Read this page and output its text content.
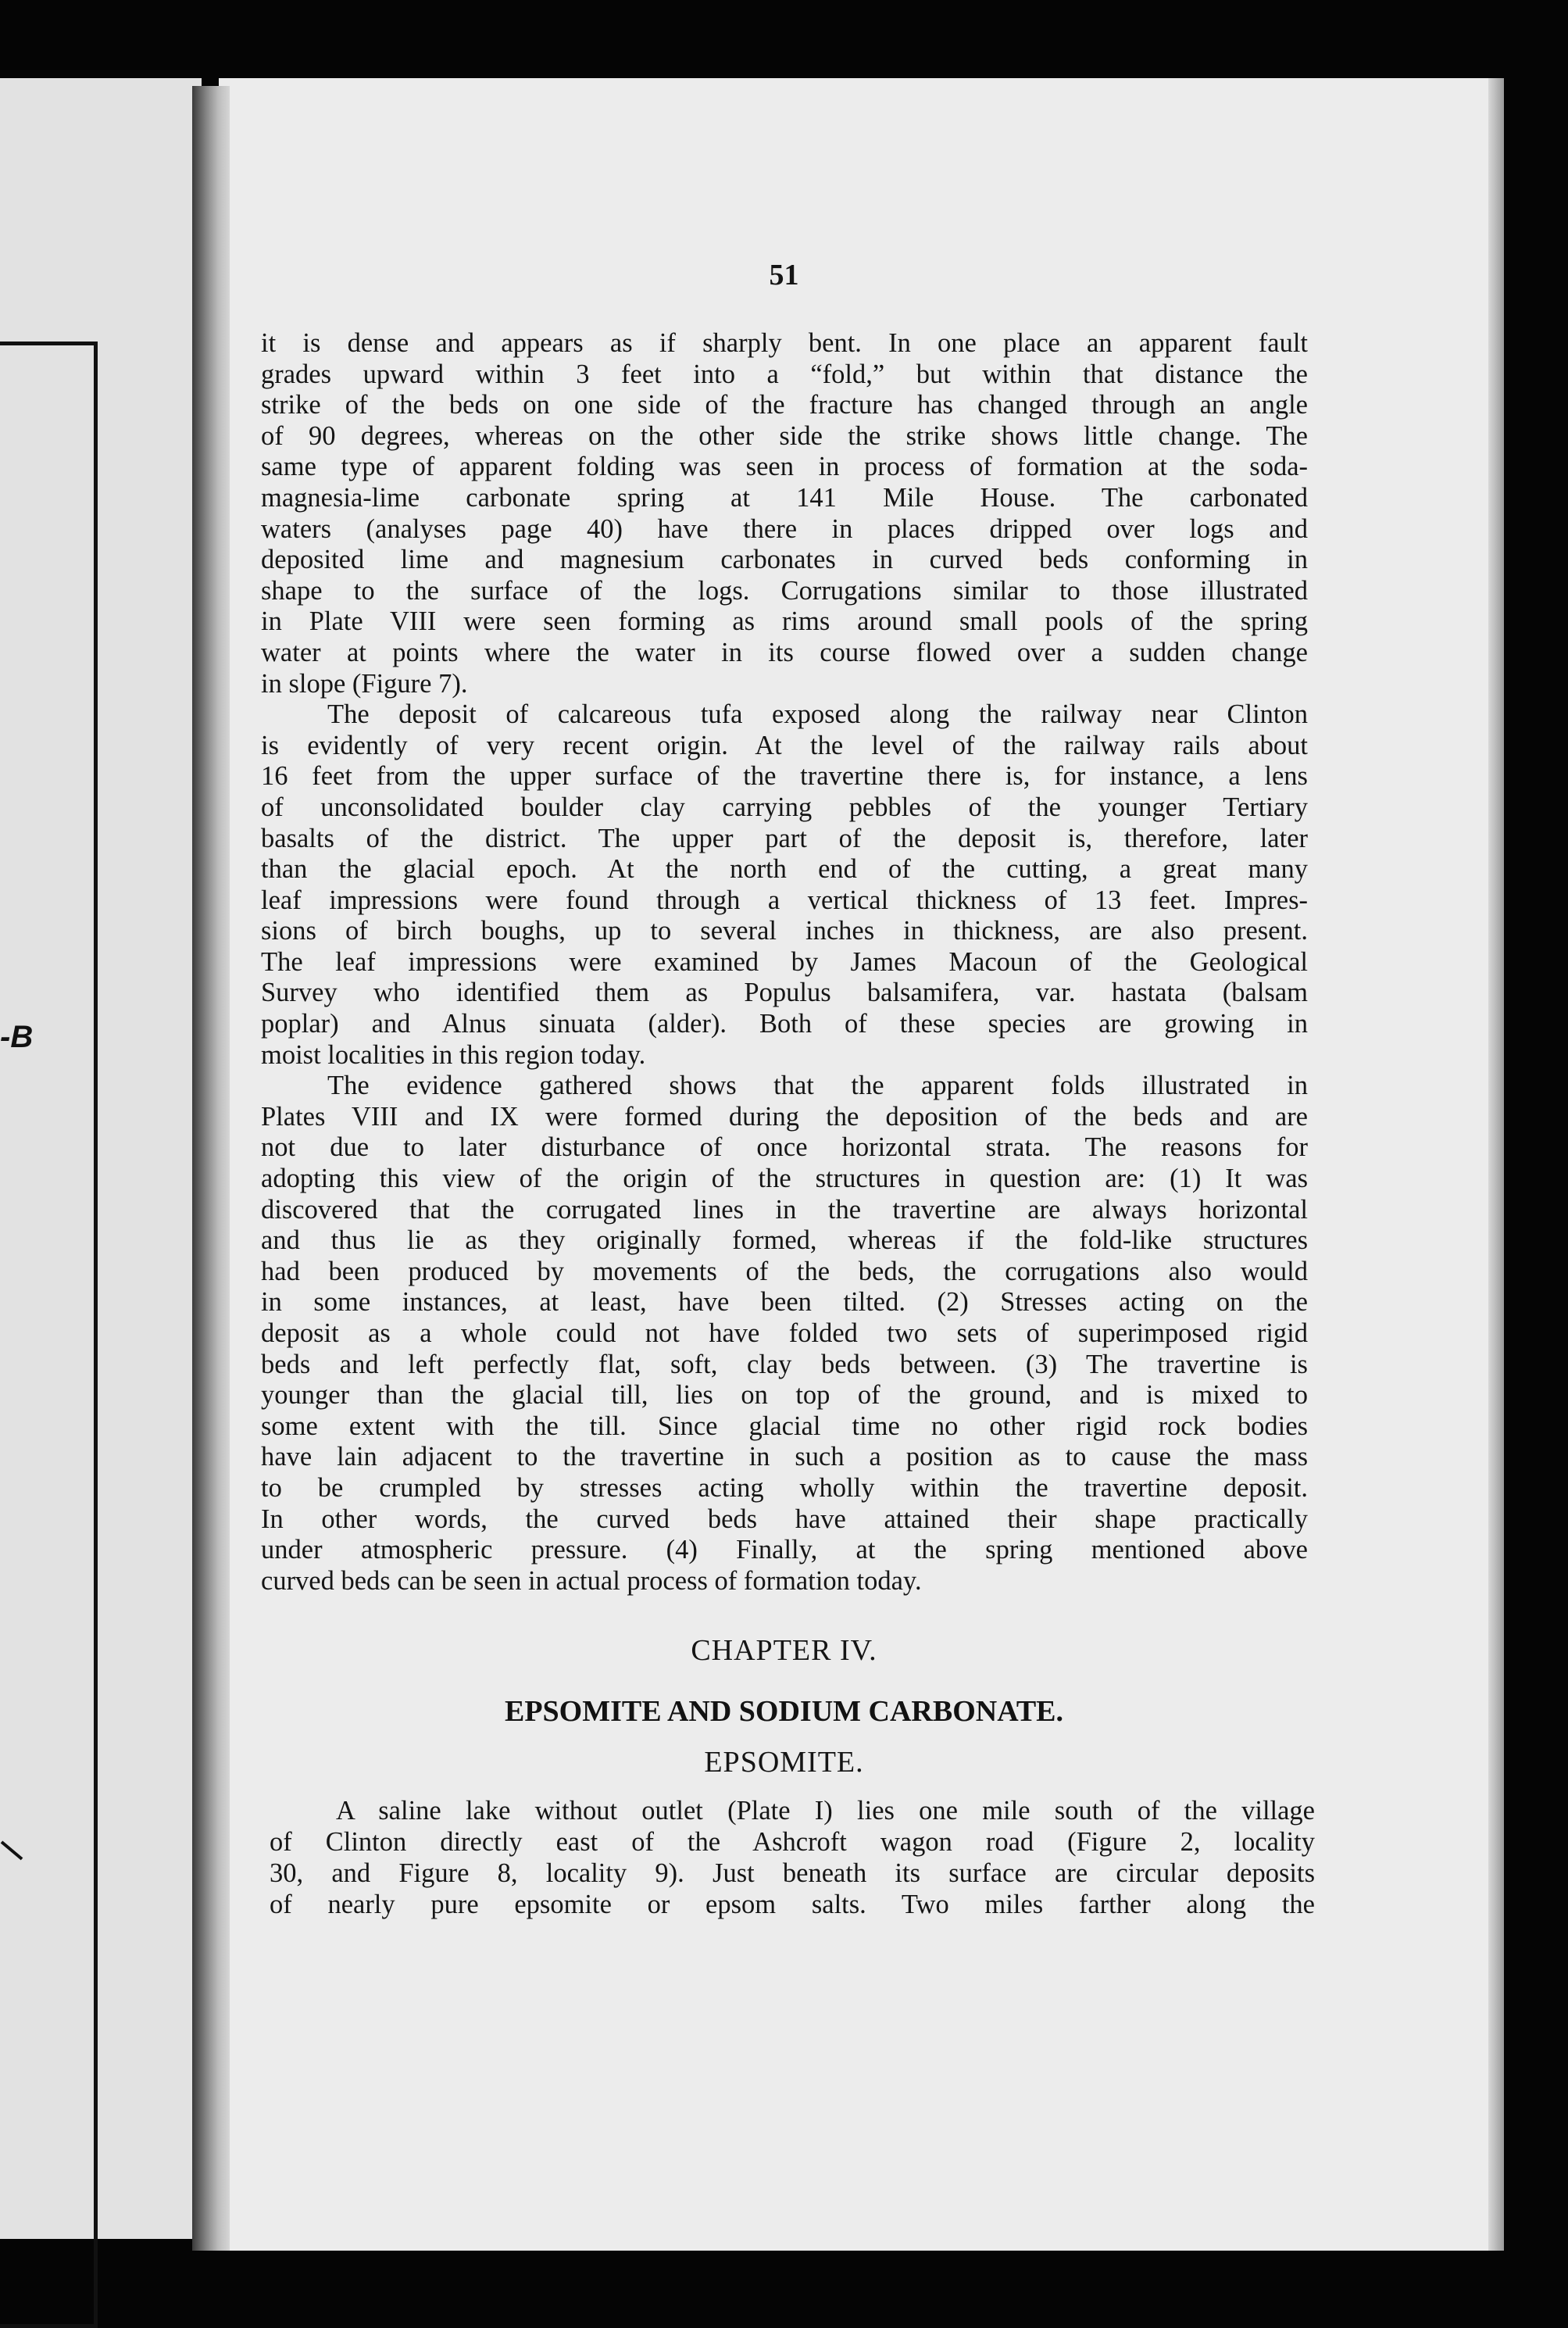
-B
51
it is dense and appears as if sharply bent. In one place an apparent fault
grades upward within 3 feet into a “fold,” but within that distance the
strike of the beds on one side of the fracture has changed through an angle
of 90 degrees, whereas on the other side the strike shows little change. The
same type of apparent folding was seen in process of formation at the soda-
magnesia-lime carbonate spring at 141 Mile House. The carbonated
waters (analyses page 40) have there in places dripped over logs and
deposited lime and magnesium carbonates in curved beds conforming in
shape to the surface of the logs. Corrugations similar to those illustrated
in Plate VIII were seen forming as rims around small pools of the spring
water at points where the water in its course flowed over a sudden change
in slope (Figure 7).
The deposit of calcareous tufa exposed along the railway near Clinton
is evidently of very recent origin. At the level of the railway rails about
16 feet from the upper surface of the travertine there is, for instance, a lens
of unconsolidated boulder clay carrying pebbles of the younger Tertiary
basalts of the district. The upper part of the deposit is, therefore, later
than the glacial epoch. At the north end of the cutting, a great many
leaf impressions were found through a vertical thickness of 13 feet. Impres-
sions of birch boughs, up to several inches in thickness, are also present.
The leaf impressions were examined by James Macoun of the Geological
Survey who identified them as Populus balsamifera, var. hastata (balsam
poplar) and Alnus sinuata (alder). Both of these species are growing in
moist localities in this region today.
The evidence gathered shows that the apparent folds illustrated in
Plates VIII and IX were formed during the deposition of the beds and are
not due to later disturbance of once horizontal strata. The reasons for
adopting this view of the origin of the structures in question are: (1) It was
discovered that the corrugated lines in the travertine are always horizontal
and thus lie as they originally formed, whereas if the fold-like structures
had been produced by movements of the beds, the corrugations also would
in some instances, at least, have been tilted. (2) Stresses acting on the
deposit as a whole could not have folded two sets of superimposed rigid
beds and left perfectly flat, soft, clay beds between. (3) The travertine is
younger than the glacial till, lies on top of the ground, and is mixed to
some extent with the till. Since glacial time no other rigid rock bodies
have lain adjacent to the travertine in such a position as to cause the mass
to be crumpled by stresses acting wholly within the travertine deposit.
In other words, the curved beds have attained their shape practically
under atmospheric pressure. (4) Finally, at the spring mentioned above
curved beds can be seen in actual process of formation today.
CHAPTER IV.
EPSOMITE AND SODIUM CARBONATE.
EPSOMITE.
A saline lake without outlet (Plate I) lies one mile south of the village
of Clinton directly east of the Ashcroft wagon road (Figure 2, locality
30, and Figure 8, locality 9). Just beneath its surface are circular deposits
of nearly pure epsomite or epsom salts. Two miles farther along the
